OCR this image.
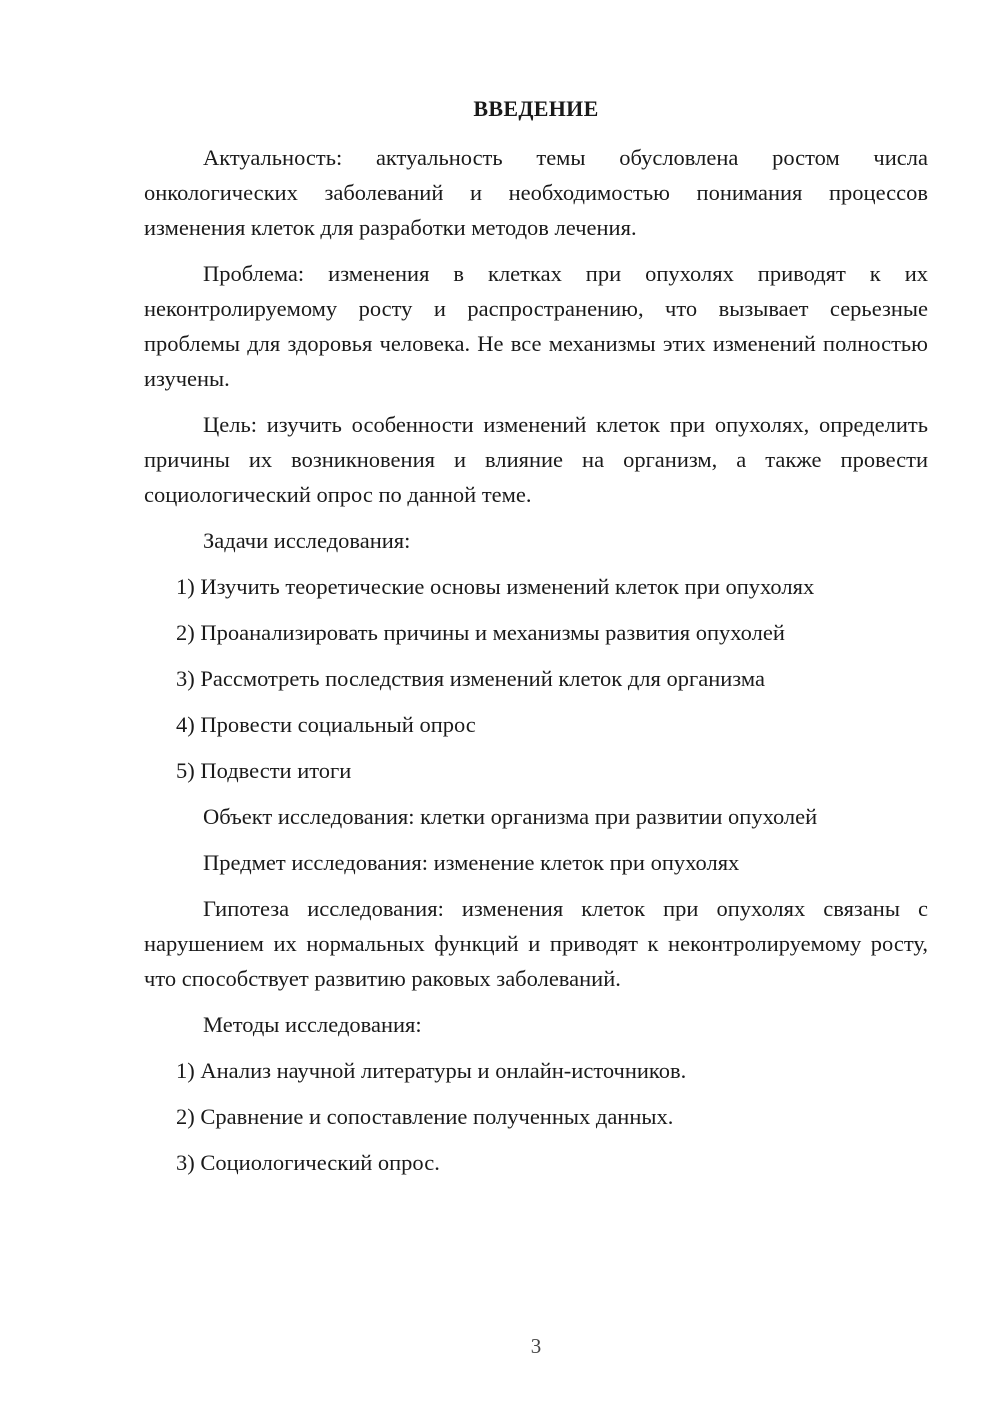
ВВЕДЕНИЕ

Актуальность: актуальность темы обусловлена ростом числа онкологических заболеваний и необходимостью понимания процессов изменения клеток для разработки методов лечения.

Проблема: изменения в клетках при опухолях приводят к их неконтролируемому росту и распространению, что вызывает серьезные проблемы для здоровья человека. Не все механизмы этих изменений полностью изучены.

Цель: изучить особенности изменений клеток при опухолях, определить причины их возникновения и влияние на организм, а также провести социологический опрос по данной теме.

Задачи исследования:

1) Изучить теоретические основы изменений клеток при опухолях

2) Проанализировать причины и механизмы развития опухолей

3) Рассмотреть последствия изменений клеток для организма

4) Провести социальный опрос

5) Подвести итоги

Объект исследования: клетки организма при развитии опухолей

Предмет исследования: изменение клеток при опухолях

Гипотеза исследования: изменения клеток при опухолях связаны с нарушением их нормальных функций и приводят к неконтролируемому росту, что способствует развитию раковых заболеваний.

Методы исследования:

1) Анализ научной литературы и онлайн-источников.

2) Сравнение и сопоставление полученных данных.

3) Социологический опрос.

3
